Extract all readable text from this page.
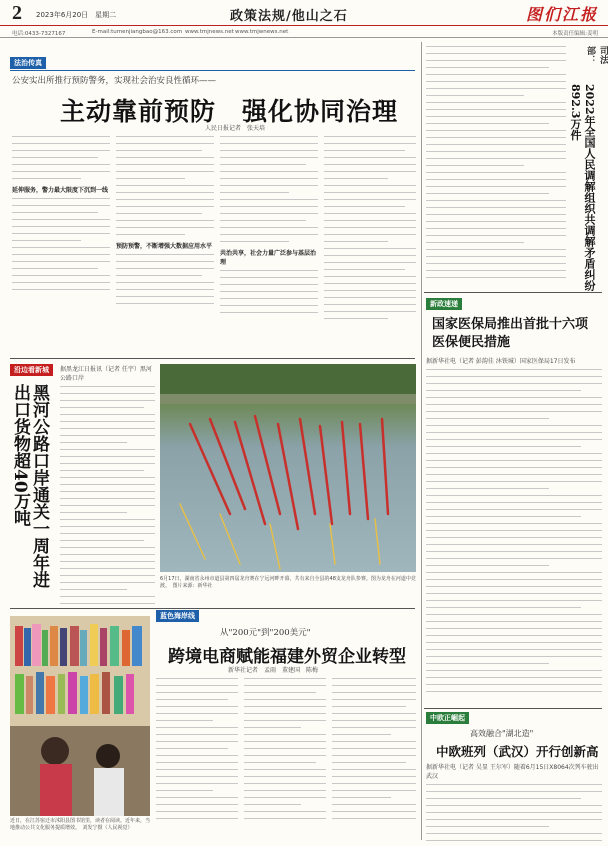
2 2023年6月20日　星期二	政策法规/他山之石	图们江报
电话:0433-7327167	E-mail:tumenjiangbao@163.com www.tmjnews.net www.tmjwnews.net	本版责任编辑:姜明
法治传真
公安实出所推行预防警务，实现社会治安良性循环——
主动靠前预防　强化协同治理
人民日报记者　张天培
延伸服务，警力最大限度下沉到一线
预防预警，不断增强大数据应用水平
共治共享，社会力量广泛参与基层治理
沿边看新城
黑河公路口岸通关一周年进出口货物超40万吨
据黑龙江日报讯（记者 任宇）黑河公路口岸
6月17日，湖南省永州市道县第四届龙舟赛在宁远河畔开幕，共有来自全县的48支龙舟队参赛。图为龙舟在河道中竞渡。　图片来源：新华社
近日，在江苏宿迁市沭阳县图书馆里，读者在阅读。近年来，当地推动公共文化服务提质增效。　刘发宁摄（人民视觉）
蓝色海岸线
从"200元"到"200美元"
跨境电商赋能福建外贸企业转型
新华社记者　孟雨　董建国　陈梅
司法部：
2022年全国人民调解组织共调解矛盾纠纷892.3万件
新政速递
国家医保局推出首批十六项医保便民措施
据新华社电（记者 彭韵佳 沐铁城）国家医保局17日发布
中欧正崛起
高效融合"湖北造"
中欧班列（武汉）开行创新高
据新华社电（记者 吴显 王尔军）随着6月15日X8064次列车驶出武汉
